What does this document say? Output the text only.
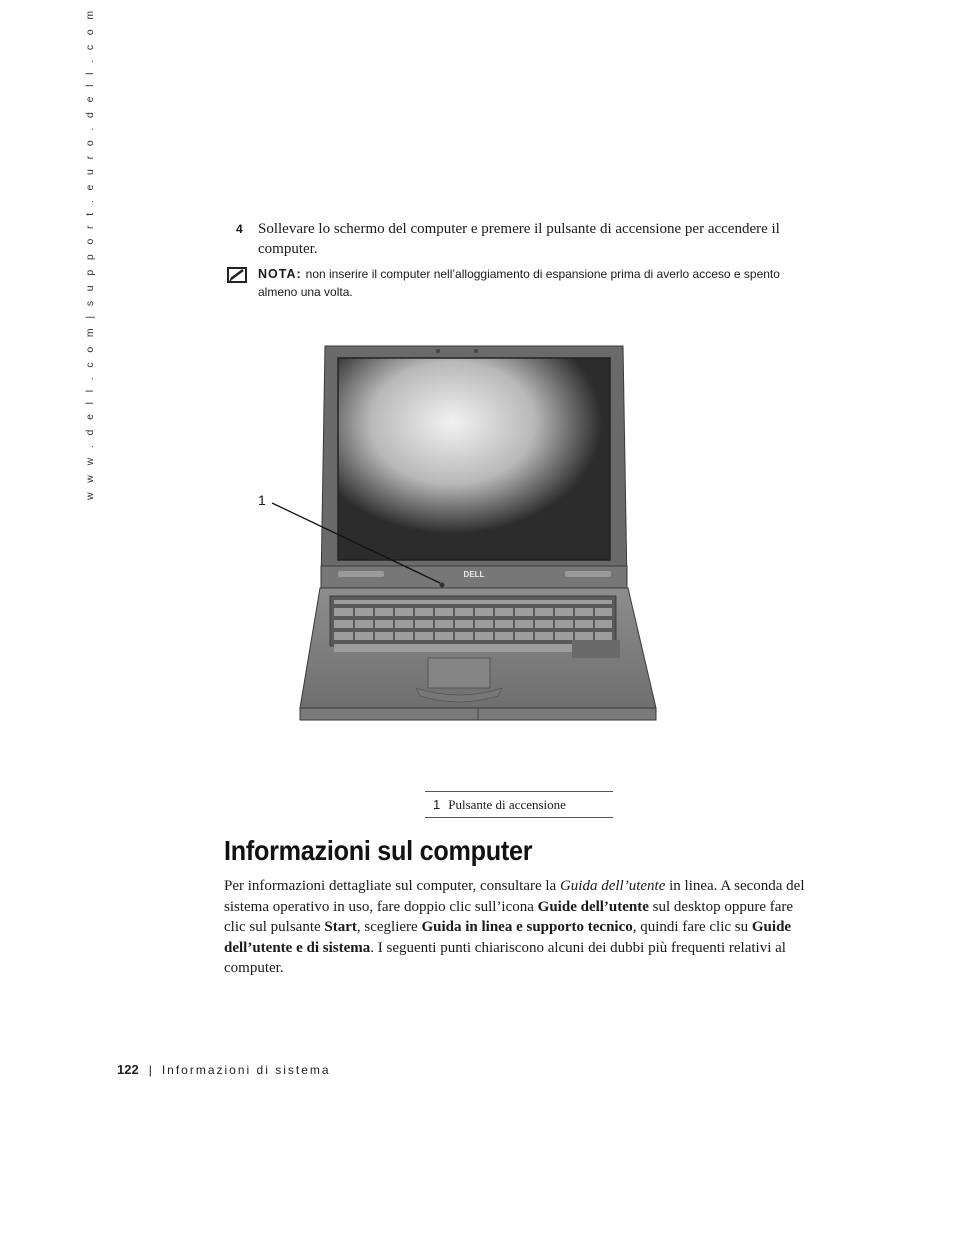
w w w . d e l l . c o m | s u p p o r t . e u r o . d e l l . c o m	4 Sollevare lo schermo del computer e premere il pulsante di accensione per accendere il computer.
NOTA: non inserire il computer nell’alloggiamento di espansione prima di averlo acceso e spento almeno una volta.
DELL
1
1 Pulsante di accensione
Informazioni sul computer

Per informazioni dettagliate sul computer, consultare la Guida dell’utente in linea. A seconda del sistema operativo in uso, fare doppio clic sull’icona Guide dell’utente sul desktop oppure fare clic sul pulsante Start, scegliere Guida in linea e supporto tecnico, quindi fare clic su Guide dell’utente e di sistema. I seguenti punti chiariscono alcuni dei dubbi più frequenti relativi al computer.

122 | Informazioni di sistema
